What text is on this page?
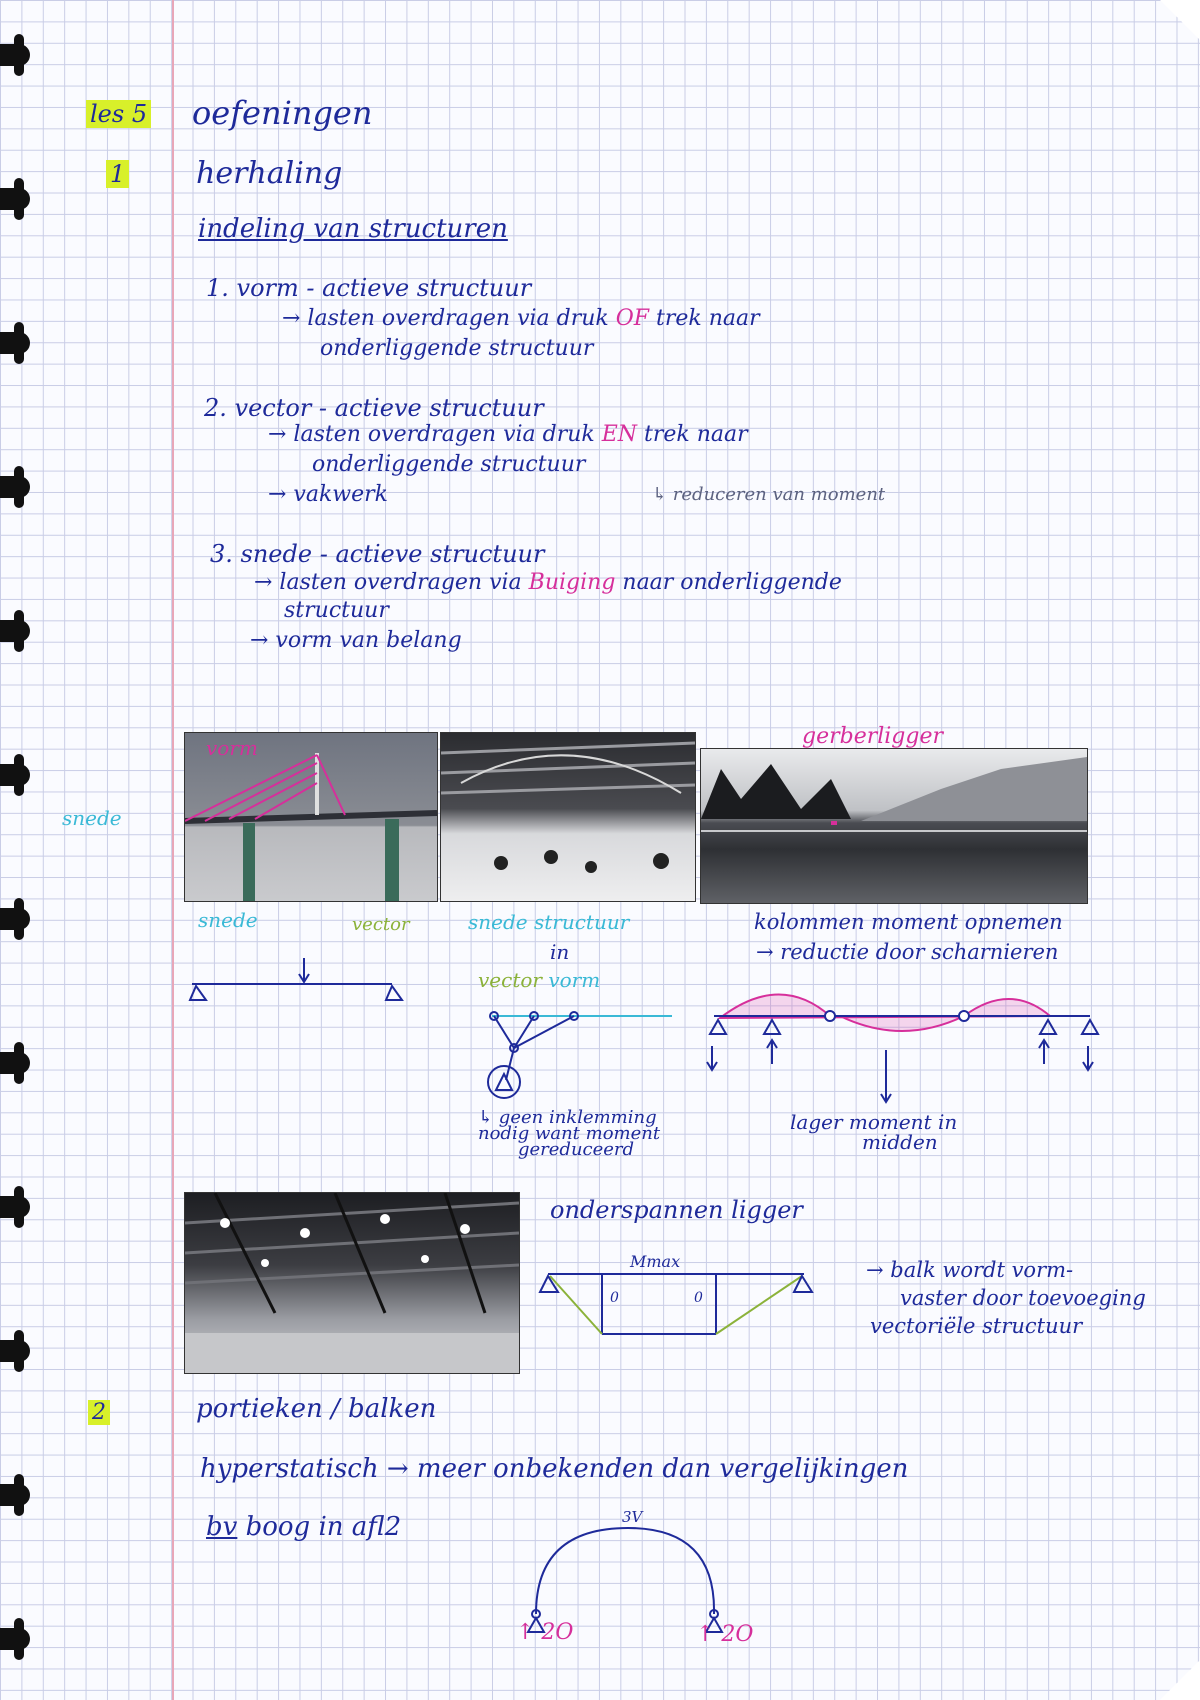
les 5 oefeningen
1 herhaling
indeling van structuren
1. vorm - actieve structuur
→ lasten overdragen via druk OF trek naar
onderliggende structuur
2. vector - actieve structuur
→ lasten overdragen via druk EN trek naar
onderliggende structuur
→ vakwerk	↳ reduceren van moment
3. snede - actieve structuur
→ lasten overdragen via Buiging naar onderliggende
structuur
→ vorm van belang
snede
vorm	gerberligger
snede	vector	snede structuur
in
vector vorm
kolommen moment opnemen
→ reductie door scharnieren
↳ geen inklemming
nodig want moment
gereduceerd
lager moment in
midden
onderspannen ligger
Mmax
0	0
→ balk wordt vorm-
vaster door toevoeging
vectoriële structuur
2	portieken / balken
hyperstatisch → meer onbekenden dan vergelijkingen
bv boog in afl2	3V
↑ 2O	↑ 2O
